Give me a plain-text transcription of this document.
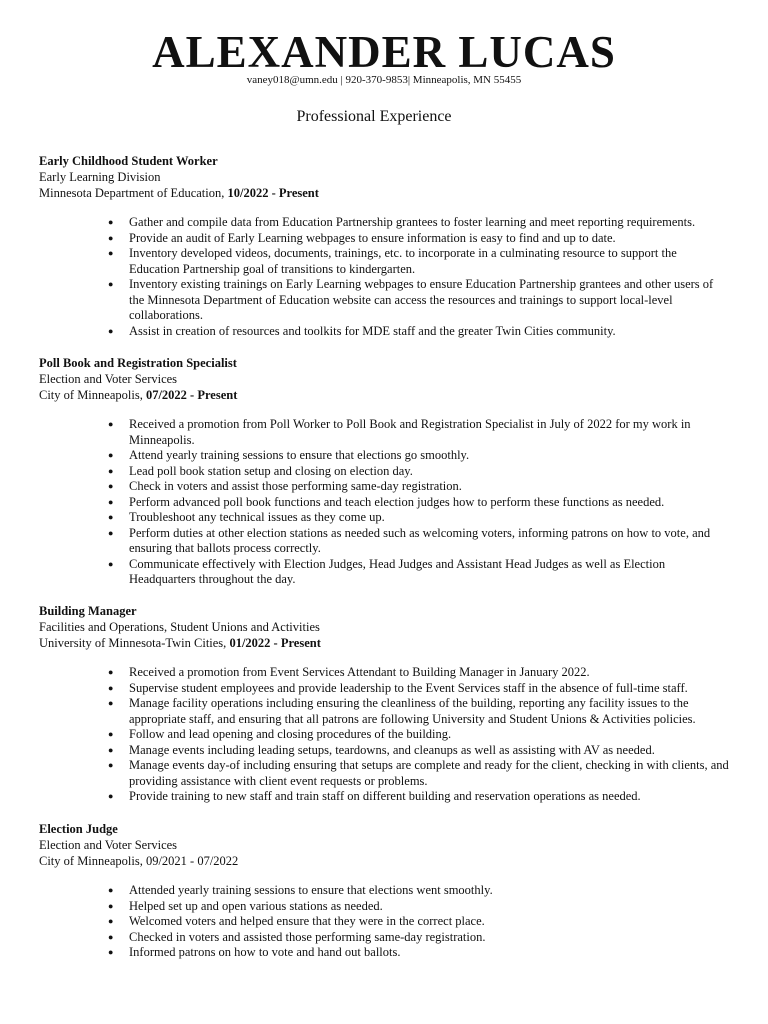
ALEXANDER LUCAS
vaney018@umn.edu | 920-370-9853| Minneapolis, MN 55455
Professional Experience
Early Childhood Student Worker
Early Learning Division
Minnesota Department of Education, 10/2022 - Present
● Gather and compile data from Education Partnership grantees to foster learning and meet reporting requirements.
● Provide an audit of Early Learning webpages to ensure information is easy to find and up to date.
● Inventory developed videos, documents, trainings, etc. to incorporate in a culminating resource to support the Education Partnership goal of transitions to kindergarten.
● Inventory existing trainings on Early Learning webpages to ensure Education Partnership grantees and other users of the Minnesota Department of Education website can access the resources and trainings to support local-level collaborations.
● Assist in creation of resources and toolkits for MDE staff and the greater Twin Cities community.
Poll Book and Registration Specialist
Election and Voter Services
City of Minneapolis, 07/2022 - Present
● Received a promotion from Poll Worker to Poll Book and Registration Specialist in July of 2022 for my work in Minneapolis.
● Attend yearly training sessions to ensure that elections go smoothly.
● Lead poll book station setup and closing on election day.
● Check in voters and assist those performing same-day registration.
● Perform advanced poll book functions and teach election judges how to perform these functions as needed.
● Troubleshoot any technical issues as they come up.
● Perform duties at other election stations as needed such as welcoming voters, informing patrons on how to vote, and ensuring that ballots process correctly.
● Communicate effectively with Election Judges, Head Judges and Assistant Head Judges as well as Election Headquarters throughout the day.
Building Manager
Facilities and Operations, Student Unions and Activities
University of Minnesota-Twin Cities, 01/2022 - Present
● Received a promotion from Event Services Attendant to Building Manager in January 2022.
● Supervise student employees and provide leadership to the Event Services staff in the absence of full-time staff.
● Manage facility operations including ensuring the cleanliness of the building, reporting any facility issues to the appropriate staff, and ensuring that all patrons are following University and Student Unions & Activities policies.
● Follow and lead opening and closing procedures of the building.
● Manage events including leading setups, teardowns, and cleanups as well as assisting with AV as needed.
● Manage events day-of including ensuring that setups are complete and ready for the client, checking in with clients, and providing assistance with client event requests or problems.
● Provide training to new staff and train staff on different building and reservation operations as needed.
Election Judge
Election and Voter Services
City of Minneapolis, 09/2021 - 07/2022
● Attended yearly training sessions to ensure that elections went smoothly.
● Helped set up and open various stations as needed.
● Welcomed voters and helped ensure that they were in the correct place.
● Checked in voters and assisted those performing same-day registration.
● Informed patrons on how to vote and hand out ballots.
